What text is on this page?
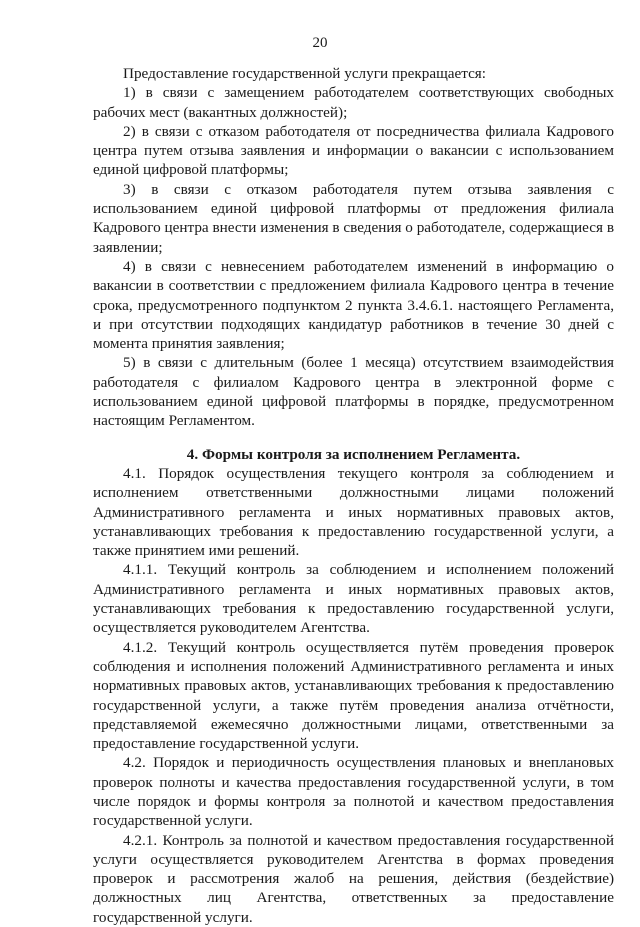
20

Предоставление государственной услуги прекращается:

1) в связи с замещением работодателем соответствующих свободных рабочих мест (вакантных должностей);

2) в связи с отказом работодателя от посредничества филиала Кадрового центра путем отзыва заявления и информации о вакансии с использованием единой цифровой платформы;

3) в связи с отказом работодателя путем отзыва заявления с использованием единой цифровой платформы от предложения филиала Кадрового центра внести изменения в сведения о работодателе, содержащиеся в заявлении;

4) в связи с невнесением работодателем изменений в информацию о вакансии в соответствии с предложением филиала Кадрового центра в течение срока, предусмотренного подпунктом 2 пункта 3.4.6.1. настоящего Регламента, и при отсутствии подходящих кандидатур работников в течение 30 дней с момента принятия заявления;

5) в связи с длительным (более 1 месяца) отсутствием взаимодействия работодателя с филиалом Кадрового центра в электронной форме с использованием единой цифровой платформы в порядке, предусмотренном настоящим Регламентом.

4. Формы контроля за исполнением Регламента.

4.1. Порядок осуществления текущего контроля за соблюдением и исполнением ответственными должностными лицами положений Административного регламента и иных нормативных правовых актов, устанавливающих требования к предоставлению государственной услуги, а также принятием ими решений.

4.1.1. Текущий контроль за соблюдением и исполнением положений Административного регламента и иных нормативных правовых актов, устанавливающих требования к предоставлению государственной услуги, осуществляется руководителем Агентства.

4.1.2. Текущий контроль осуществляется путём проведения проверок соблюдения и исполнения положений Административного регламента и иных нормативных правовых актов, устанавливающих требования к предоставлению государственной услуги, а также путём проведения анализа отчётности, представляемой ежемесячно должностными лицами, ответственными за предоставление государственной услуги.

4.2. Порядок и периодичность осуществления плановых и внеплановых проверок полноты и качества предоставления государственной услуги, в том числе порядок и формы контроля за полнотой и качеством предоставления государственной услуги.

4.2.1. Контроль за полнотой и качеством предоставления государственной услуги осуществляется руководителем Агентства в формах проведения проверок и рассмотрения жалоб на решения, действия (бездействие) должностных лиц Агентства, ответственных за предоставление государственной услуги.
